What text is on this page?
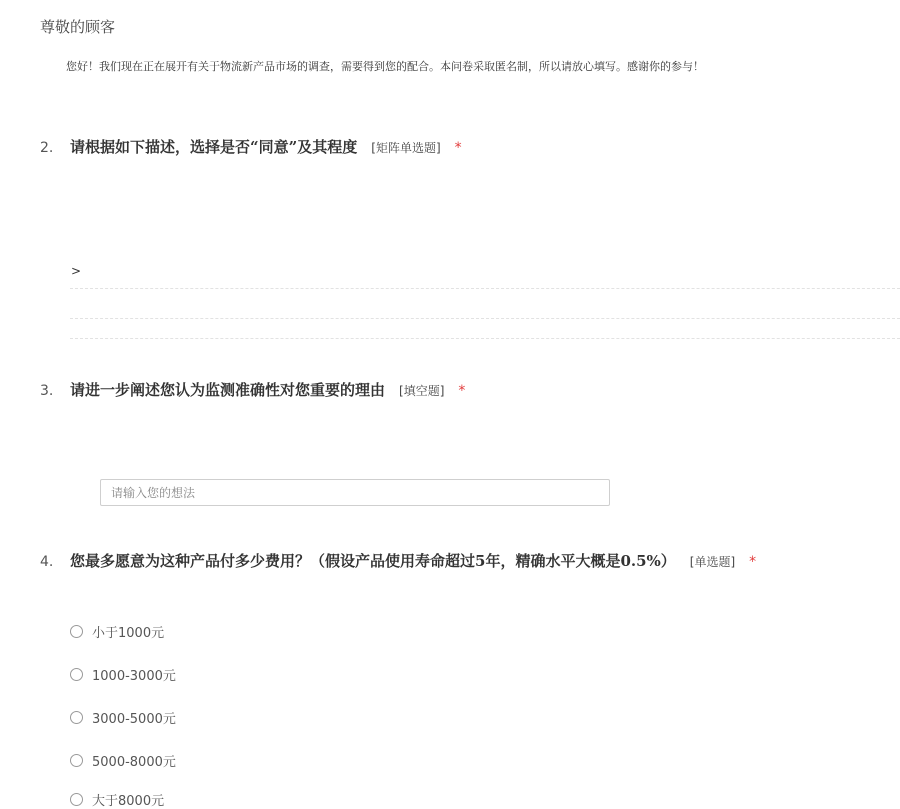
尊敬的顾客
您好！我们现在正在展开有关于物流新产品市场的调查，需要得到您的配合。本问卷采取匿名制，所以请放心填写。感谢你的参与！
2.	请根据如下描述，选择是否“同意”及其程度 [矩阵单选题] *
>
3.	请进一步阐述您认为监测准确性对您重要的理由 [填空题] *
请输入您的想法
4.	您最多愿意为这种产品付多少费用？（假设产品使用寿命超过5年，精确水平大概是0.5%） [单选题] *
小于1000元
1000-3000元
3000-5000元
5000-8000元
大于8000元
